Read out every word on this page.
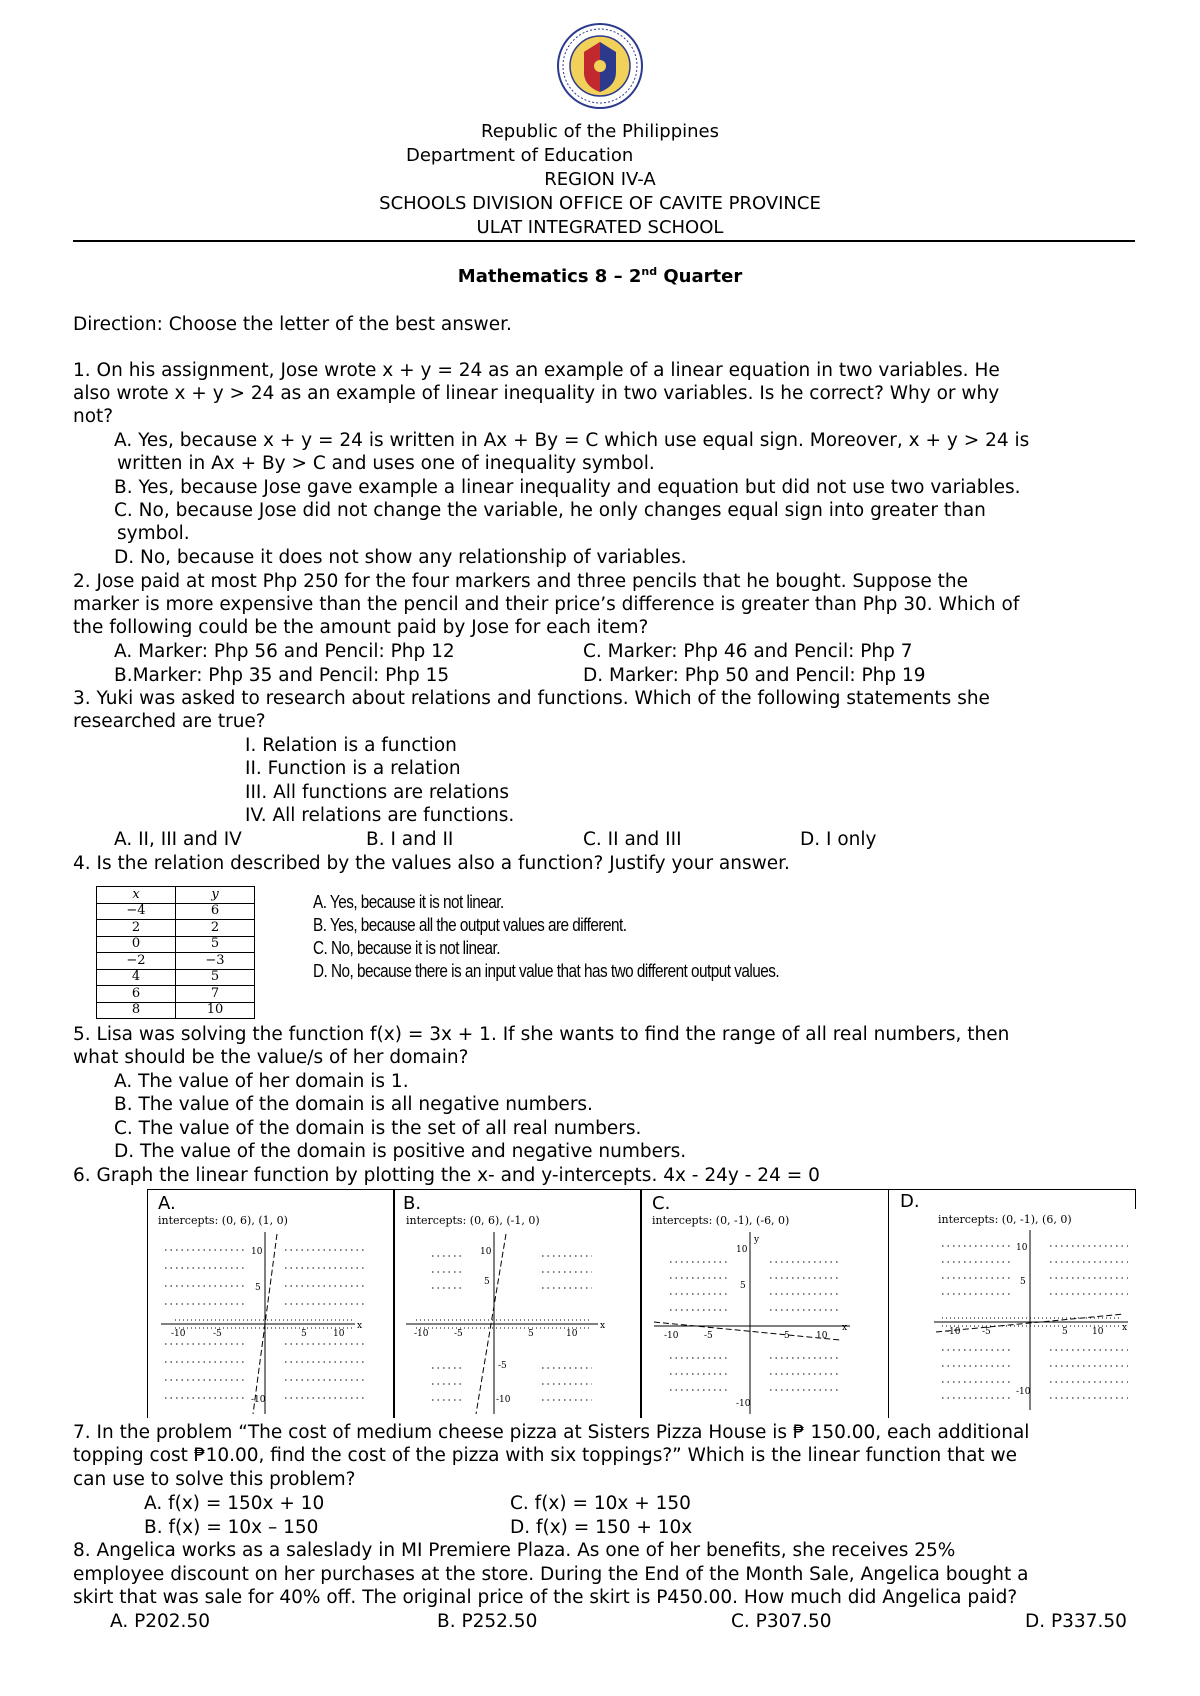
Republic of the Philippines
Department of Education
REGION IV-A
SCHOOLS DIVISION OFFICE OF CAVITE PROVINCE
ULAT INTEGRATED SCHOOL
Mathematics 8 – 2nd Quarter
Direction: Choose the letter of the best answer.
1. On his assignment, Jose wrote x + y = 24 as an example of a linear equation in two variables. He
also wrote x + y > 24 as an example of linear inequality in two variables. Is he correct? Why or why
not?
A. Yes, because x + y = 24 is written in Ax + By = C which use equal sign. Moreover, x + y > 24 is
written in Ax + By > C and uses one of inequality symbol.
B. Yes, because Jose gave example a linear inequality and equation but did not use two variables.
C. No, because Jose did not change the variable, he only changes equal sign into greater than
symbol.
D. No, because it does not show any relationship of variables.
2. Jose paid at most Php 250 for the four markers and three pencils that he bought. Suppose the
marker is more expensive than the pencil and their price’s difference is greater than Php 30. Which of
the following could be the amount paid by Jose for each item?
A. Marker: Php 56 and Pencil: Php 12	C. Marker: Php 46 and Pencil: Php 7
B.Marker: Php 35 and Pencil: Php 15	D. Marker: Php 50 and Pencil: Php 19
3. Yuki was asked to research about relations and functions. Which of the following statements she
researched are true?
I. Relation is a function
II. Function is a relation
III. All functions are relations
IV. All relations are functions.
A. II, III and IV	B. I and II	C. II and III	D. I only
4. Is the relation described by the values also a function? Justify your answer.
x	y
−4	6
2	2
0	5
−2	−3
4	5
6	7
8	10
A. Yes, because it is not linear.
B. Yes, because all the output values are different.
C. No, because it is not linear.
D. No, because there is an input value that has two different output values.
5. Lisa was solving the function f(x) = 3x + 1. If she wants to find the range of all real numbers, then
what should be the value/s of her domain?
A. The value of her domain is 1.
B. The value of the domain is all negative numbers.
C. The value of the domain is the set of all real numbers.
D. The value of the domain is positive and negative numbers.
6. Graph the linear function by plotting the x- and y-intercepts. 4x - 24y - 24 = 0
A.
intercepts: (0, 6), (1, 0)
10
5
-10	-5	5	10
-10
x
B.
intercepts: (0, 6), (-1, 0)
10
5
-10	-5	5	10
-5
-10
x
C.
intercepts: (0, -1), (-6, 0)
10
5
-10	-5	5	10
-10
y
x
D.
intercepts: (0, -1), (6, 0)
10
5
-10 -5	5	10
-10
x
7. In the problem “The cost of medium cheese pizza at Sisters Pizza House is ₱ 150.00, each additional
topping cost ₱10.00, find the cost of the pizza with six toppings?” Which is the linear function that we
can use to solve this problem?
A. f(x) = 150x + 10	C. f(x) = 10x + 150
B. f(x) = 10x – 150	D. f(x) = 150 + 10x
8. Angelica works as a saleslady in MI Premiere Plaza. As one of her benefits, she receives 25%
employee discount on her purchases at the store. During the End of the Month Sale, Angelica bought a
skirt that was sale for 40% off. The original price of the skirt is P450.00. How much did Angelica paid?
A. P202.50	B. P252.50	C. P307.50	D. P337.50
